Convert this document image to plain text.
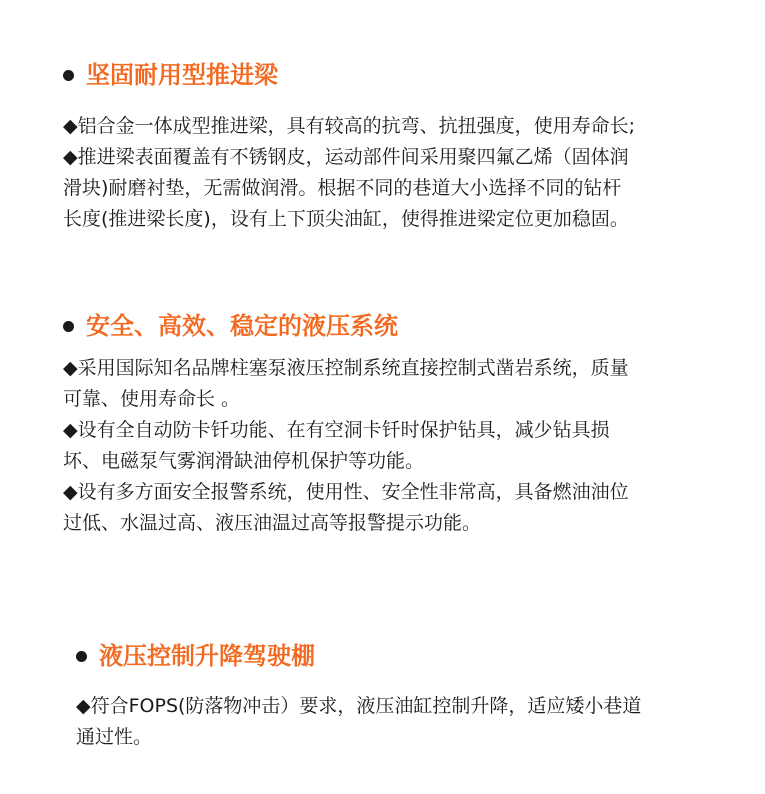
坚固耐用型推进梁
◆铝合金一体成型推进梁，具有较高的抗弯、抗扭强度，使用寿命长;
◆推进梁表面覆盖有不锈钢皮，运动部件间采用聚四氟乙烯（固体润
滑块)耐磨衬垫，无需做润滑。根据不同的巷道大小选择不同的钻杆
长度(推进梁长度)，设有上下顶尖油缸，使得推进梁定位更加稳固。
安全、高效、稳定的液压系统
◆采用国际知名品牌柱塞泵液压控制系统直接控制式凿岩系统，质量
可靠、使用寿命长 。
◆设有全自动防卡钎功能、在有空洞卡钎时保护钻具，减少钻具损
坏、电磁泵气雾润滑缺油停机保护等功能。
◆设有多方面安全报警系统，使用性、安全性非常高，具备燃油油位
过低、水温过高、液压油温过高等报警提示功能。
液压控制升降驾驶棚
◆符合FOPS(防落物冲击）要求，液压油缸控制升降，适应矮小巷道
通过性。
